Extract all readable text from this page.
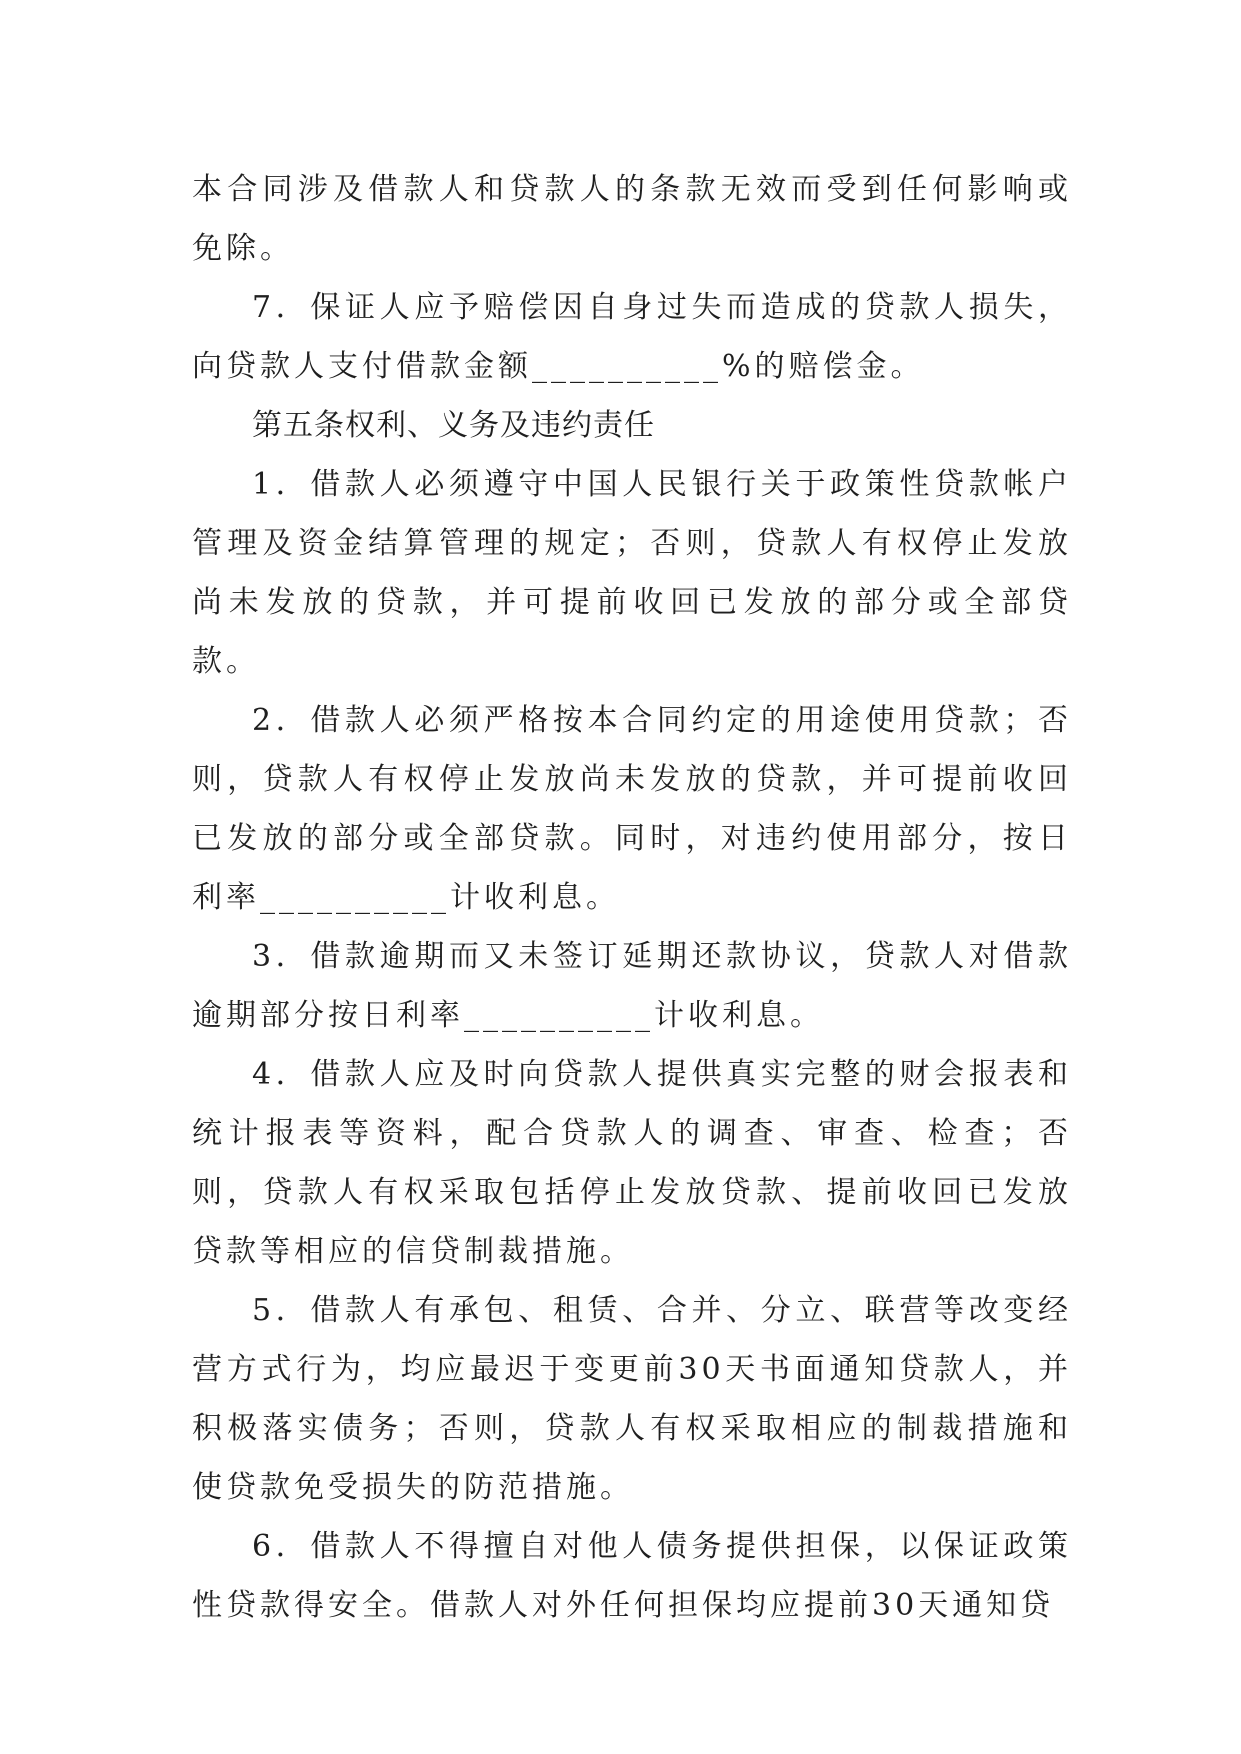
本合同涉及借款人和贷款人的条款无效而受到任何影响或免除。

7．保证人应予赔偿因自身过失而造成的贷款人损失，向贷款人支付借款金额__________%的赔偿金。

第五条权利、义务及违约责任

1．借款人必须遵守中国人民银行关于政策性贷款帐户管理及资金结算管理的规定；否则，贷款人有权停止发放尚未发放的贷款，并可提前收回已发放的部分或全部贷款。

2．借款人必须严格按本合同约定的用途使用贷款；否则，贷款人有权停止发放尚未发放的贷款，并可提前收回已发放的部分或全部贷款。同时，对违约使用部分，按日利率__________计收利息。

3．借款逾期而又未签订延期还款协议，贷款人对借款逾期部分按日利率__________计收利息。

4．借款人应及时向贷款人提供真实完整的财会报表和统计报表等资料，配合贷款人的调查、审查、检查；否则，贷款人有权采取包括停止发放贷款、提前收回已发放贷款等相应的信贷制裁措施。

5．借款人有承包、租赁、合并、分立、联营等改变经营方式行为，均应最迟于变更前30天书面通知贷款人，并积极落实债务；否则，贷款人有权采取相应的制裁措施和使贷款免受损失的防范措施。

6．借款人不得擅自对他人债务提供担保，以保证政策性贷款得安全。借款人对外任何担保均应提前30天通知贷
